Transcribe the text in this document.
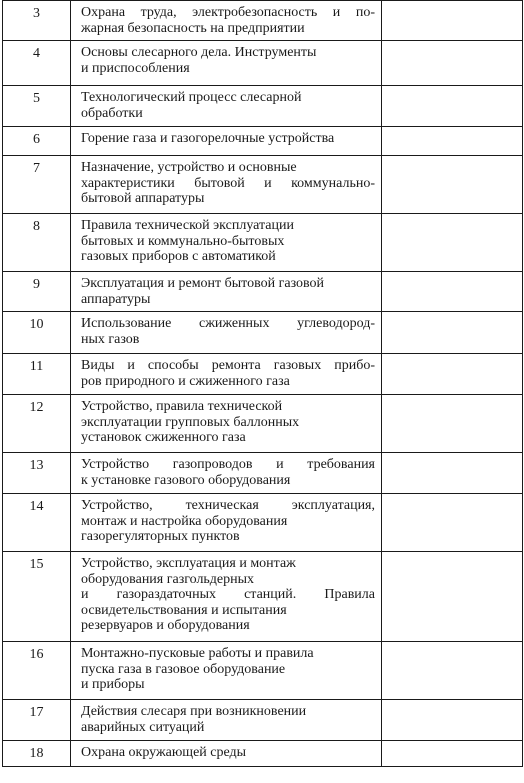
3	Охрана труда, электробезопасность и по-
жарная безопасность на предприятии	

4	Основы слесарного дела. Инструменты
и приспособления	

5	Технологический процесс слесарной
обработки	

6	Горение газа и газогорелочные устройства	

7	Назначение, устройство и основные
характеристики бытовой и коммунально-
бытовой аппаратуры	

8	Правила технической эксплуатации
бытовых и коммунально-бытовых
газовых приборов с автоматикой	

9	Эксплуатация и ремонт бытовой газовой
аппаратуры	

10	Использование сжиженных углеводород-
ных газов	

11	Виды и способы ремонта газовых прибо-
ров природного и сжиженного газа	

12	Устройство, правила технической
эксплуатации групповых баллонных
установок сжиженного газа	

13	Устройство газопроводов и требования
к установке газового оборудования	

14	Устройство, техническая эксплуатация,
монтаж и настройка оборудования
газорегуляторных пунктов	

15	Устройство, эксплуатация и монтаж
оборудования газгольдерных
и газораздаточных станций. Правила
освидетельствования и испытания
резервуаров и оборудования	

16	Монтажно-пусковые работы и правила
пуска газа в газовое оборудование
и приборы	

17	Действия слесаря при возникновении
аварийных ситуаций	

18	Охрана окружающей среды	
